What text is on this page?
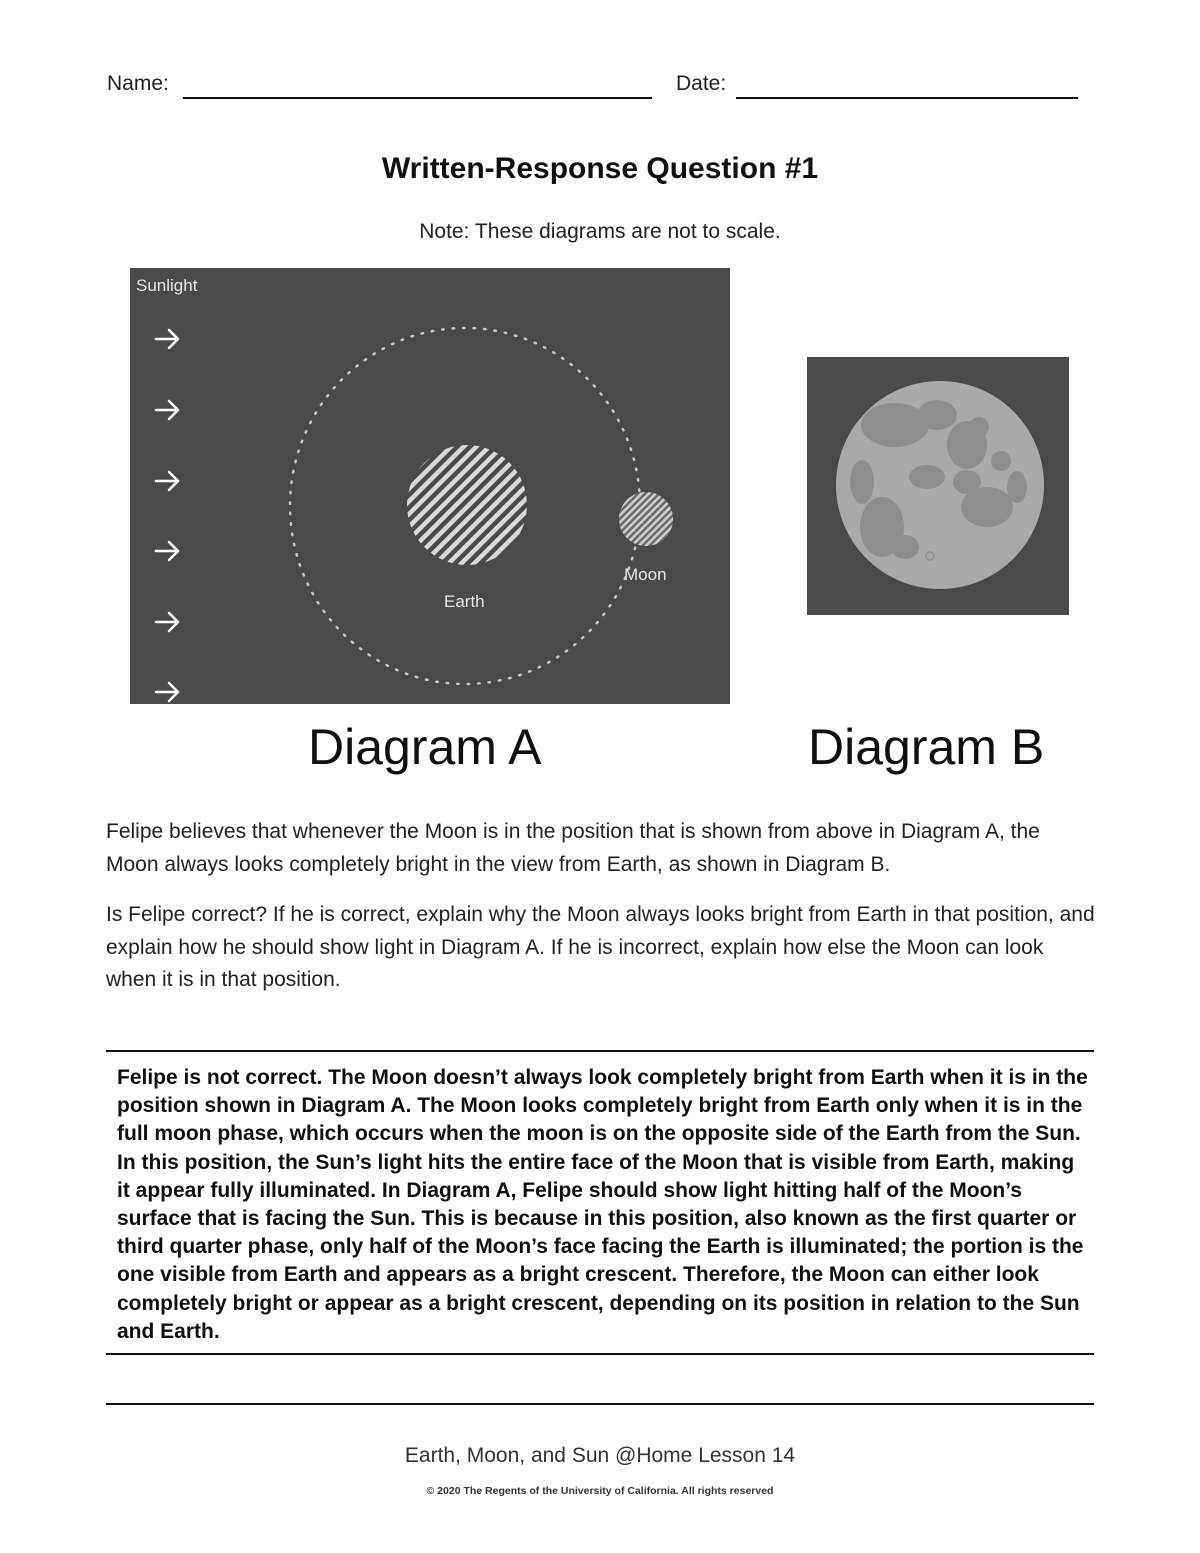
Name:	Date:
Written-Response Question #1
Note: These diagrams are not to scale.
Sunlight
Earth
Moon
Diagram A	Diagram B
Felipe believes that whenever the Moon is in the position that is shown from above in Diagram A, the Moon always looks completely bright in the view from Earth, as shown in Diagram B.
Is Felipe correct? If he is correct, explain why the Moon always looks bright from Earth in that position, and explain how he should show light in Diagram A. If he is incorrect, explain how else the Moon can look when it is in that position.
Felipe is not correct. The Moon doesn’t always look completely bright from Earth when it is in the position shown in Diagram A. The Moon looks completely bright from Earth only when it is in the full moon phase, which occurs when the moon is on the opposite side of the Earth from the Sun. In this position, the Sun’s light hits the entire face of the Moon that is visible from Earth, making it appear fully illuminated. In Diagram A, Felipe should show light hitting half of the Moon’s surface that is facing the Sun. This is because in this position, also known as the first quarter or third quarter phase, only half of the Moon’s face facing the Earth is illuminated; the portion is the one visible from Earth and appears as a bright crescent. Therefore, the Moon can either look completely bright or appear as a bright crescent, depending on its position in relation to the Sun and Earth.
Earth, Moon, and Sun @Home Lesson 14
© 2020 The Regents of the University of California. All rights reserved
